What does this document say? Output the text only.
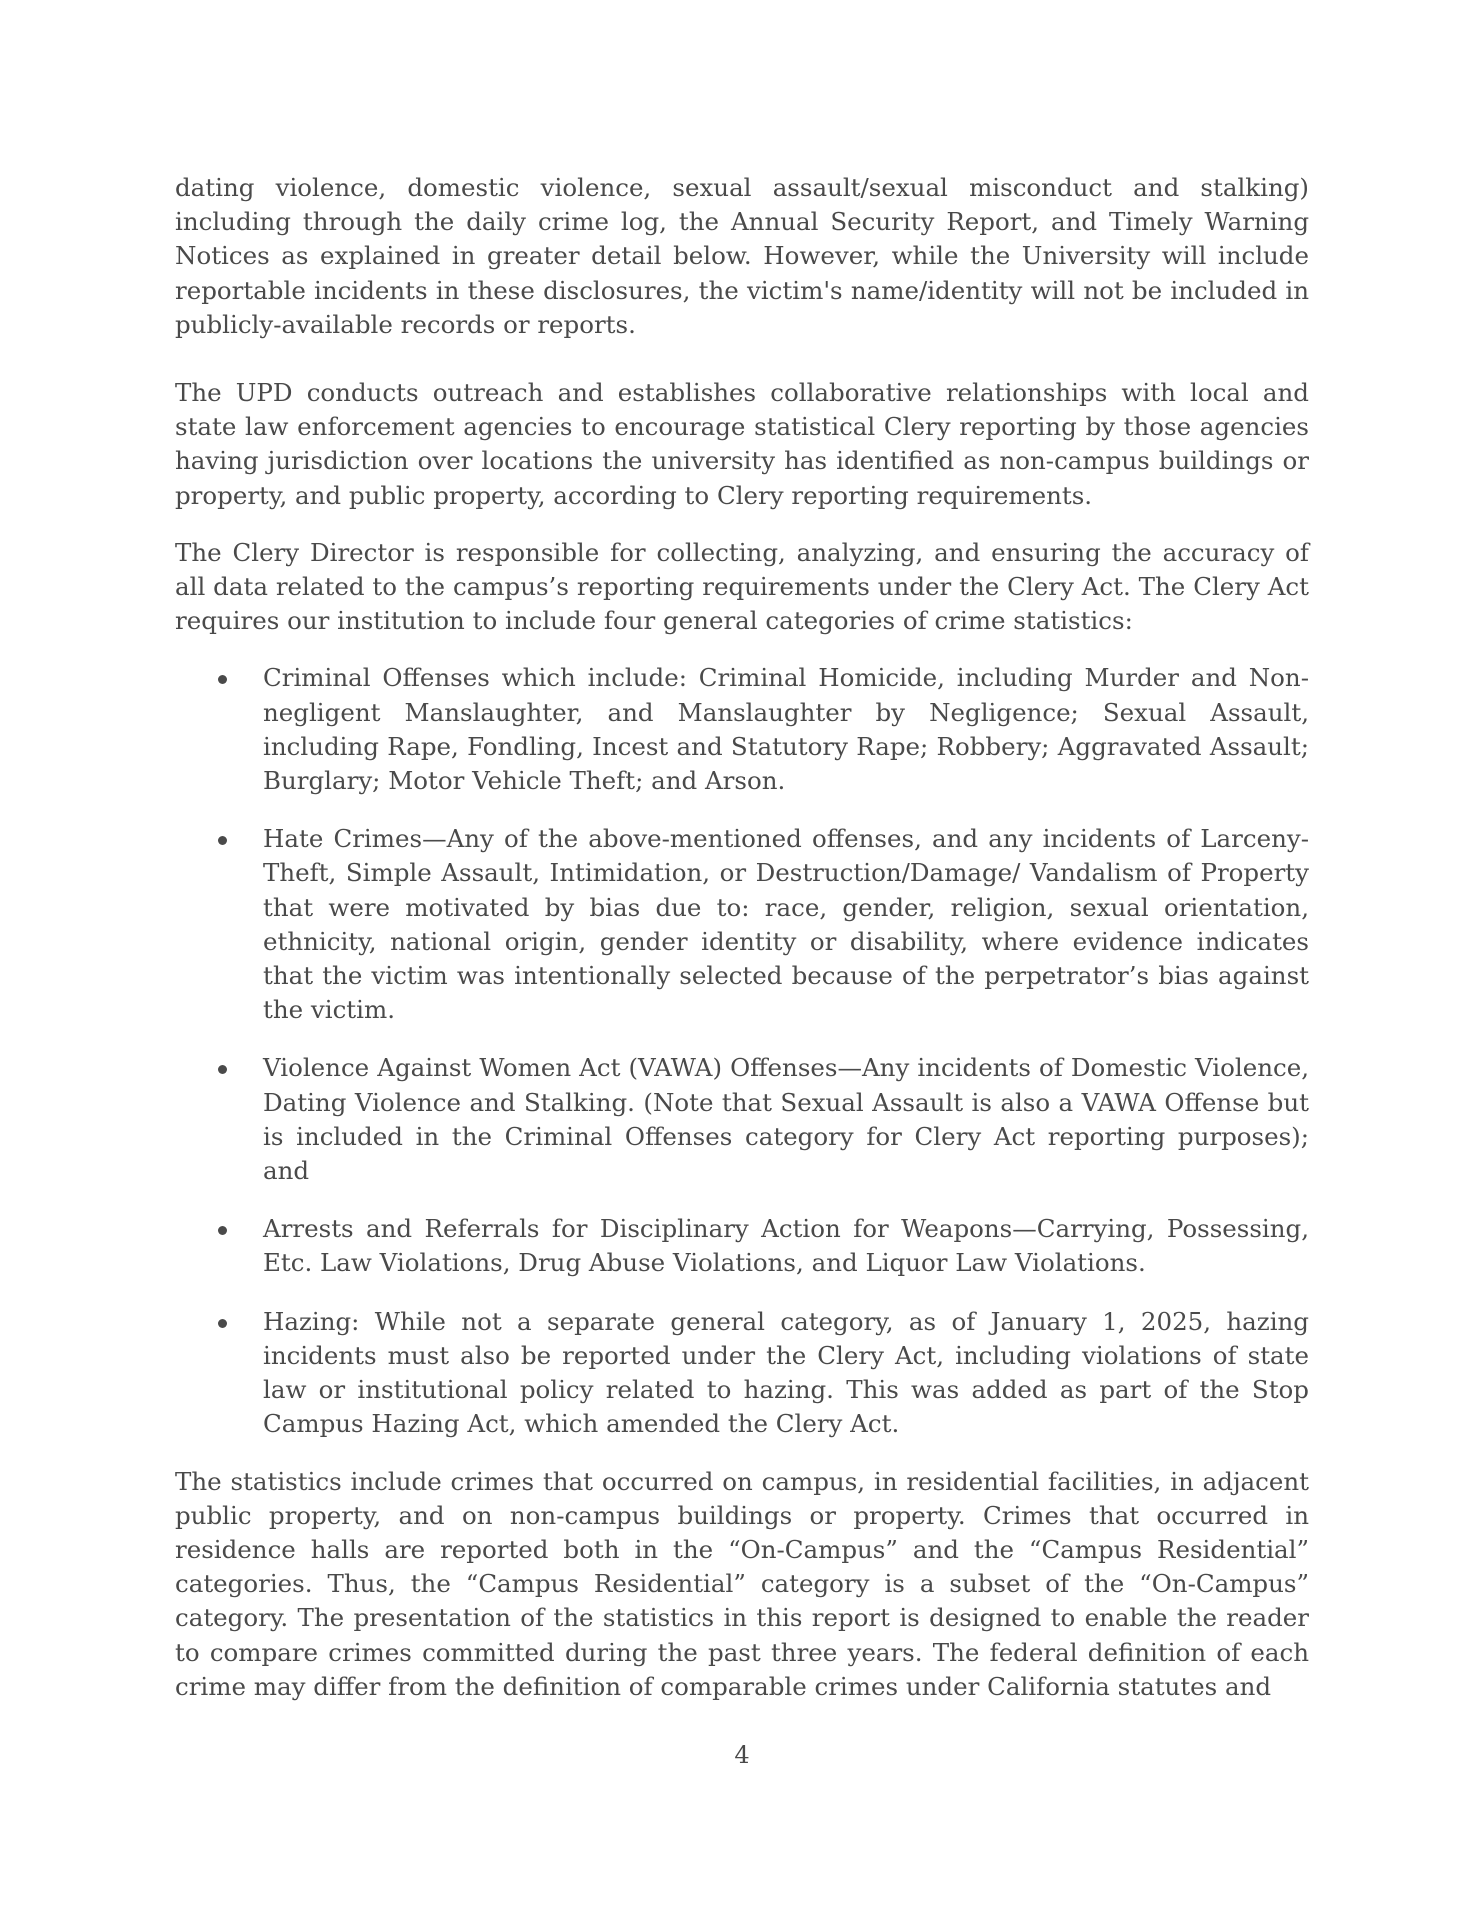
dating violence, domestic violence, sexual assault/sexual misconduct and stalking) including through the daily crime log, the Annual Security Report, and Timely Warning Notices as explained in greater detail below. However, while the University will include reportable incidents in these disclosures, the victim's name/identity will not be included in publicly-available records or reports.

The UPD conducts outreach and establishes collaborative relationships with local and state law enforcement agencies to encourage statistical Clery reporting by those agencies having jurisdiction over locations the university has identified as non-campus buildings or property, and public property, according to Clery reporting requirements.

The Clery Director is responsible for collecting, analyzing, and ensuring the accuracy of all data related to the campus’s reporting requirements under the Clery Act. The Clery Act requires our institution to include four general categories of crime statistics:

Criminal Offenses which include: Criminal Homicide, including Murder and Non-negligent Manslaughter, and Manslaughter by Negligence; Sexual Assault, including Rape, Fondling, Incest and Statutory Rape; Robbery; Aggravated Assault; Burglary; Motor Vehicle Theft; and Arson.

Hate Crimes—Any of the above-mentioned offenses, and any incidents of Larceny-Theft, Simple Assault, Intimidation, or Destruction/Damage/ Vandalism of Property that were motivated by bias due to: race, gender, religion, sexual orientation, ethnicity, national origin, gender identity or disability, where evidence indicates that the victim was intentionally selected because of the perpetrator’s bias against the victim.

Violence Against Women Act (VAWA) Offenses—Any incidents of Domestic Violence, Dating Violence and Stalking. (Note that Sexual Assault is also a VAWA Offense but is included in the Criminal Offenses category for Clery Act reporting purposes); and

Arrests and Referrals for Disciplinary Action for Weapons—Carrying, Possessing, Etc. Law Violations, Drug Abuse Violations, and Liquor Law Violations.

Hazing: While not a separate general category, as of January 1, 2025, hazing incidents must also be reported under the Clery Act, including violations of state law or institutional policy related to hazing. This was added as part of the Stop Campus Hazing Act, which amended the Clery Act.

The statistics include crimes that occurred on campus, in residential facilities, in adjacent public property, and on non-campus buildings or property. Crimes that occurred in residence halls are reported both in the “On-Campus” and the “Campus Residential” categories. Thus, the “Campus Residential” category is a subset of the “On-Campus” category. The presentation of the statistics in this report is designed to enable the reader to compare crimes committed during the past three years. The federal definition of each crime may differ from the definition of comparable crimes under California statutes and

4
